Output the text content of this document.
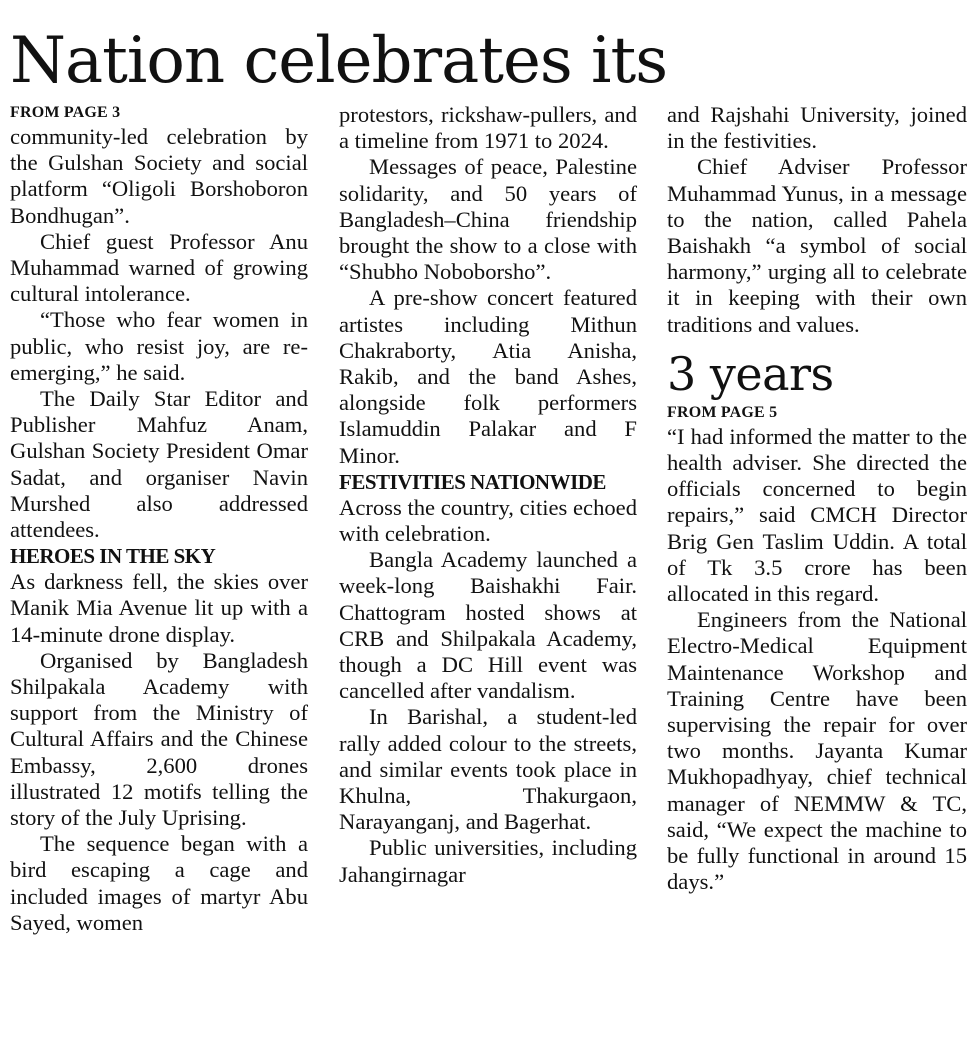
Nation celebrates its
FROM PAGE 3

community-led celebration by the Gulshan Society and social platform “Oligoli Borshoboron Bondhugan”.

Chief guest Professor Anu Muhammad warned of growing cultural intolerance.

“Those who fear women in public, who resist joy, are re-emerging,” he said.

The Daily Star Editor and Publisher Mahfuz Anam, Gulshan Society President Omar Sadat, and organiser Navin Murshed also addressed attendees.

HEROES IN THE SKY

As darkness fell, the skies over Manik Mia Avenue lit up with a 14-minute drone display.

Organised by Bangladesh Shilpakala Academy with support from the Ministry of Cultural Affairs and the Chinese Embassy, 2,600 drones illustrated 12 motifs telling the story of the July Uprising.

The sequence began with a bird escaping a cage and included images of martyr Abu Sayed, women

protestors, rickshaw-pullers, and a timeline from 1971 to 2024.

Messages of peace, Palestine solidarity, and 50 years of Bangladesh–China friendship brought the show to a close with “Shubho Noboborsho”.

A pre-show concert featured artistes including Mithun Chakraborty, Atia Anisha, Rakib, and the band Ashes, alongside folk performers Islamuddin Palakar and F Minor.

FESTIVITIES NATIONWIDE

Across the country, cities echoed with celebration.

Bangla Academy launched a week-long Baishakhi Fair. Chattogram hosted shows at CRB and Shilpakala Academy, though a DC Hill event was cancelled after vandalism.

In Barishal, a student-led rally added colour to the streets, and similar events took place in Khulna, Thakurgaon, Narayanganj, and Bagerhat.

Public universities, including Jahangirnagar

and Rajshahi University, joined in the festivities.

Chief Adviser Professor Muhammad Yunus, in a message to the nation, called Pahela Baishakh “a symbol of social harmony,” urging all to celebrate it in keeping with their own traditions and values.

3 years
FROM PAGE 5

“I had informed the matter to the health adviser. She directed the officials concerned to begin repairs,” said CMCH Director Brig Gen Taslim Uddin. A total of Tk 3.5 crore has been allocated in this regard.

Engineers from the National Electro-Medical Equipment Maintenance Workshop and Training Centre have been supervising the repair for over two months. Jayanta Kumar Mukhopadhyay, chief technical manager of NEMMW & TC, said, “We expect the machine to be fully functional in around 15 days.”
